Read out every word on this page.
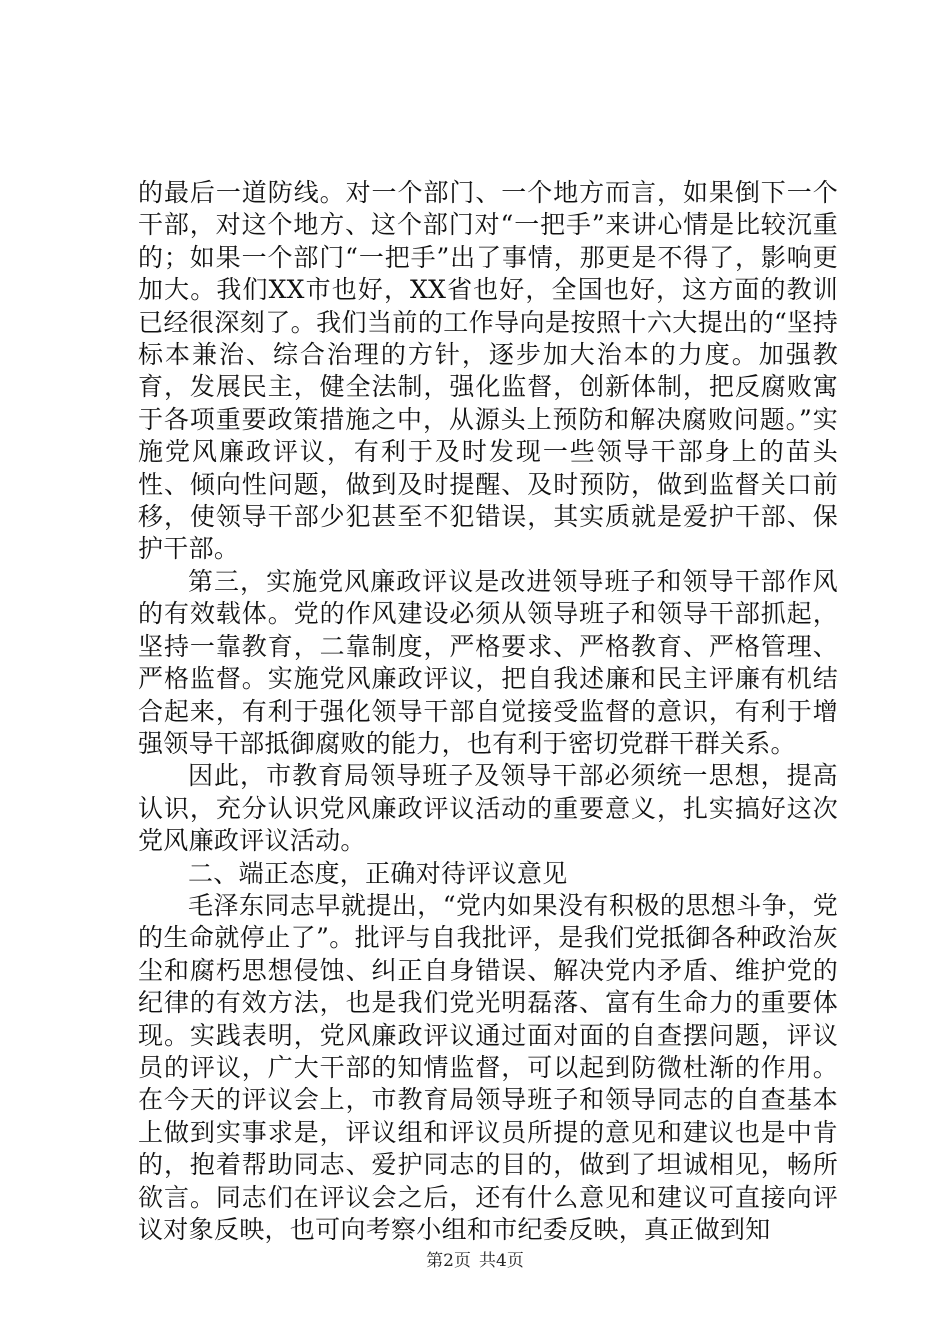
的最后一道防线。对一个部门、一个地方而言，如果倒下一个干部，对这个地方、这个部门对“一把手”来讲心情是比较沉重的；如果一个部门“一把手”出了事情，那更是不得了，影响更加大。我们XX市也好，XX省也好，全国也好，这方面的教训已经很深刻了。我们当前的工作导向是按照十六大提出的“坚持标本兼治、综合治理的方针，逐步加大治本的力度。加强教育，发展民主，健全法制，强化监督，创新体制，把反腐败寓于各项重要政策措施之中，从源头上预防和解决腐败问题。”实施党风廉政评议，有利于及时发现一些领导干部身上的苗头性、倾向性问题，做到及时提醒、及时预防，做到监督关口前移，使领导干部少犯甚至不犯错误，其实质就是爱护干部、保护干部。

第三，实施党风廉政评议是改进领导班子和领导干部作风的有效载体。党的作风建设必须从领导班子和领导干部抓起，坚持一靠教育，二靠制度，严格要求、严格教育、严格管理、严格监督。实施党风廉政评议，把自我述廉和民主评廉有机结合起来，有利于强化领导干部自觉接受监督的意识，有利于增强领导干部抵御腐败的能力，也有利于密切党群干群关系。

因此，市教育局领导班子及领导干部必须统一思想，提高认识，充分认识党风廉政评议活动的重要意义，扎实搞好这次党风廉政评议活动。

二、端正态度，正确对待评议意见

毛泽东同志早就提出，“党内如果没有积极的思想斗争，党的生命就停止了”。批评与自我批评，是我们党抵御各种政治灰尘和腐朽思想侵蚀、纠正自身错误、解决党内矛盾、维护党的纪律的有效方法，也是我们党光明磊落、富有生命力的重要体现。实践表明，党风廉政评议通过面对面的自查摆问题，评议员的评议，广大干部的知情监督，可以起到防微杜渐的作用。在今天的评议会上，市教育局领导班子和领导同志的自查基本上做到实事求是，评议组和评议员所提的意见和建议也是中肯的，抱着帮助同志、爱护同志的目的，做到了坦诚相见，畅所欲言。同志们在评议会之后，还有什么意见和建议可直接向评议对象反映，也可向考察小组和市纪委反映，真正做到知

第2页 共4页
